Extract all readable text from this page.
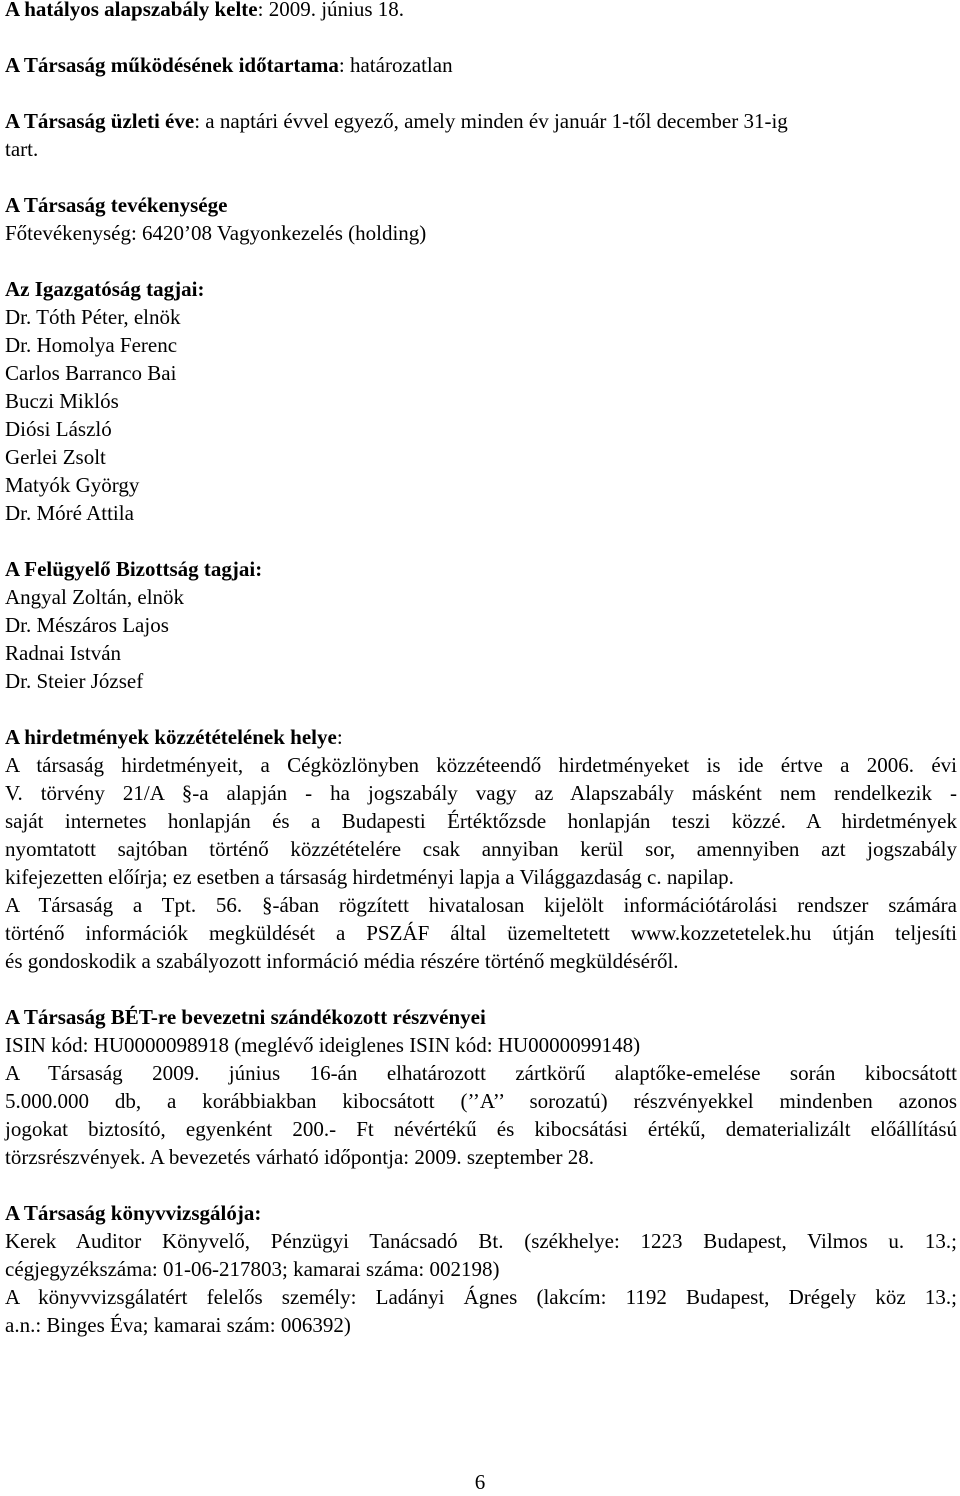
A hatályos alapszabály kelte: 2009. június 18.
A Társaság működésének időtartama: határozatlan
A Társaság üzleti éve: a naptári évvel egyező, amely minden év január 1-től december 31-ig
tart.
A Társaság tevékenysége
Főtevékenység: 6420’08 Vagyonkezelés (holding)
Az Igazgatóság tagjai:
Dr. Tóth Péter, elnök
Dr. Homolya Ferenc
Carlos Barranco Bai
Buczi Miklós
Diósi László
Gerlei Zsolt
Matyók György
Dr. Móré Attila
A Felügyelő Bizottság tagjai:
Angyal Zoltán, elnök
Dr. Mészáros Lajos
Radnai István
Dr. Steier József
A hirdetmények közzétételének helye:
A társaság hirdetményeit, a Cégközlönyben közzéteendő hirdetményeket is ide értve a 2006. évi
V. törvény 21/A §-a alapján - ha jogszabály vagy az Alapszabály másként nem rendelkezik -
saját internetes honlapján és a Budapesti Értéktőzsde honlapján teszi közzé. A hirdetmények
nyomtatott sajtóban történő közzétételére csak annyiban kerül sor, amennyiben azt jogszabály
kifejezetten előírja; ez esetben a társaság hirdetményi lapja a Világgazdaság c. napilap.
A Társaság a Tpt. 56. §-ában rögzített hivatalosan kijelölt információtárolási rendszer számára
történő információk megküldését a PSZÁF által üzemeltetett www.kozzetetelek.hu útján teljesíti
és gondoskodik a szabályozott információ média részére történő megküldéséről.
A Társaság BÉT-re bevezetni szándékozott részvényei
ISIN kód: HU0000098918 (meglévő ideiglenes ISIN kód: HU0000099148)
A Társaság 2009. június 16-án elhatározott zártkörű alaptőke-emelése során kibocsátott
5.000.000 db, a korábbiakban kibocsátott (’’A’’ sorozatú) részvényekkel mindenben azonos
jogokat biztosító, egyenként 200.- Ft névértékű és kibocsátási értékű, dematerializált előállítású
törzsrészvények. A bevezetés várható időpontja: 2009. szeptember 28.
A Társaság könyvvizsgálója:
Kerek Auditor Könyvelő, Pénzügyi Tanácsadó Bt. (székhelye: 1223 Budapest, Vilmos u. 13.;
cégjegyzékszáma: 01-06-217803; kamarai száma: 002198)
A könyvvizsgálatért felelős személy: Ladányi Ágnes (lakcím: 1192 Budapest, Drégely köz 13.;
a.n.: Binges Éva; kamarai szám: 006392)
6
